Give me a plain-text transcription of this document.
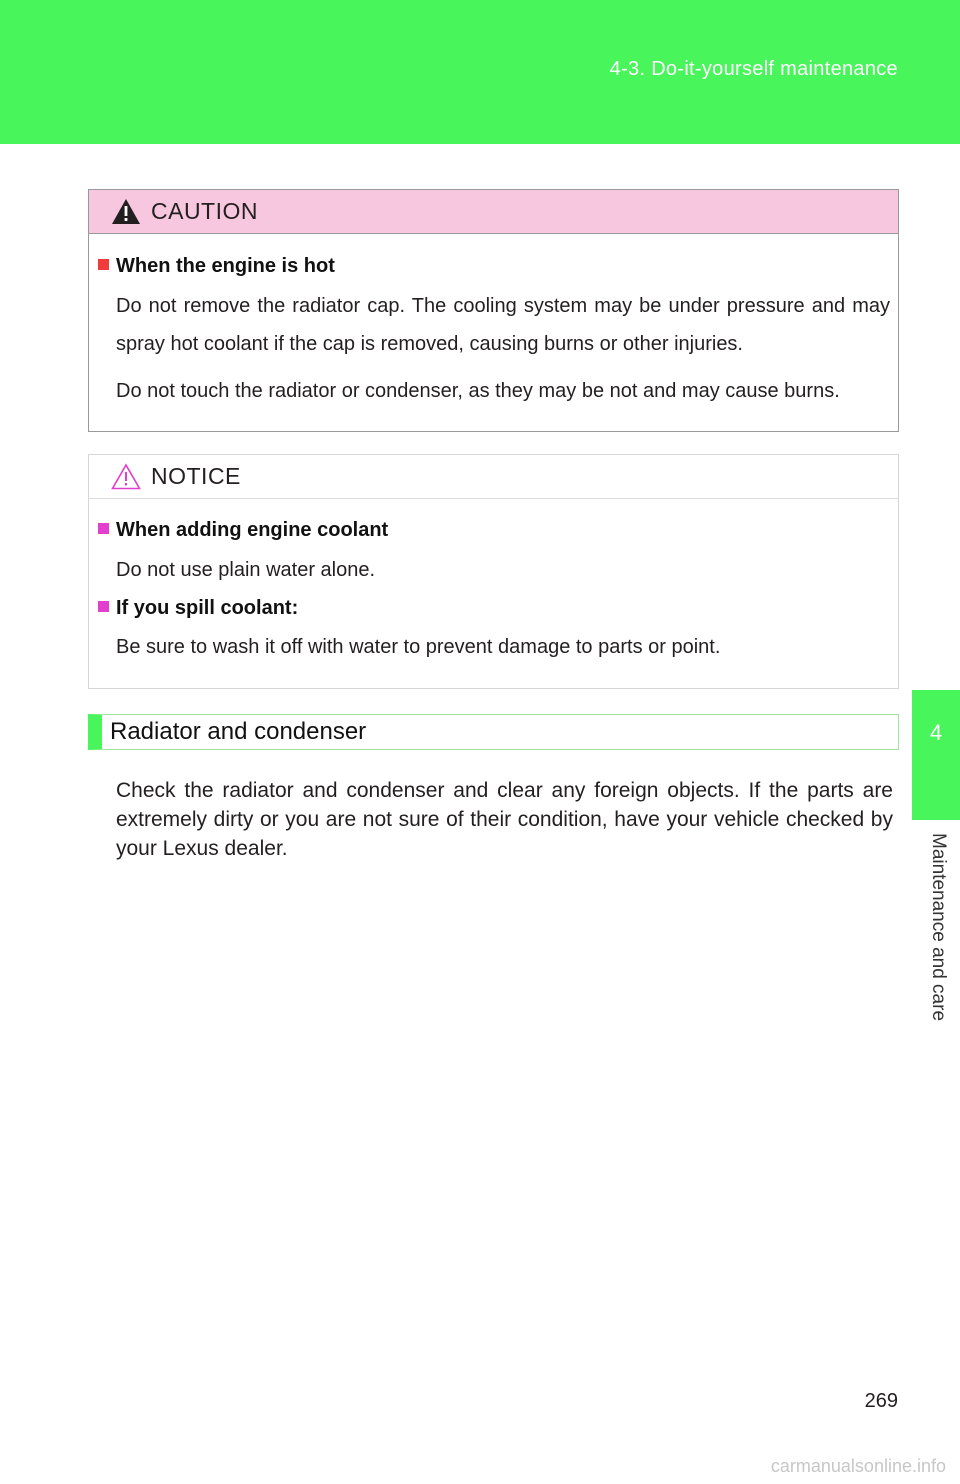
4-3. Do-it-yourself maintenance
4
Maintenance and care
CAUTION
When the engine is hot
Do not remove the radiator cap. The cooling system may be under pressure and may spray hot coolant if the cap is removed, causing burns or other injuries.
Do not touch the radiator or condenser, as they may be not and may cause burns.
NOTICE
When adding engine coolant
Do not use plain water alone.
If you spill coolant:
Be sure to wash it off with water to prevent damage to parts or point.
Radiator and condenser
Check the radiator and condenser and clear any foreign objects. If the parts are extremely dirty or you are not sure of their condition, have your vehicle checked by your Lexus dealer.
269
carmanualsonline.info
